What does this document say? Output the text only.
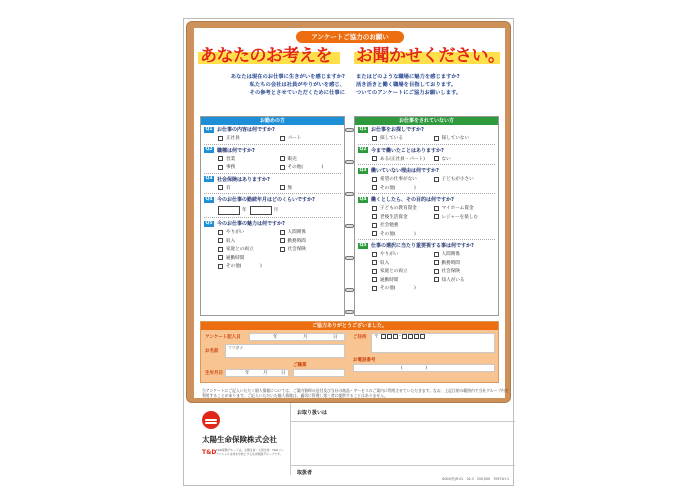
アンケートご協力のお願い
あなたのお考えを お聞かせください。
あなたは現在のお仕事に生きがいを感じますか?
私たちの会社は社員がやりがいを感じ、
その参考とさせていただくために仕事に
またはどのような職場に魅力を感じますか?
活き活きと働く職場を目指しております。
ついてのアンケートにご協力お願いします。
お勤めの方
Q1 お仕事の内容は何ですか?
正社員	パート
Q2 職種は何ですか?
営業	販売
事務	その他(　　　　)
Q3 社会保険はありますか?
有	無
Q4 今のお仕事の勤続年月はどのくらいですか?
年	月
Q5 今のお仕事の魅力は何ですか?
やりがい	人間関係
収入	勤務時間
家庭との両立	社会保険
通勤時間
その他(　　　　)
お仕事をされていない方
Q1 お仕事をお探しですか?
探している	探していない
Q2 今まで働いたことはありますか?
ある(正社員・パート)	ない
Q3 働いていない理由は何ですか?
希望の仕事がない	子どもが小さい
その他(　　　　)
Q4 働くとしたら、その目的は何ですか?
子どもの教育資金	マイホーム資金
老後生活資金	レジャーを楽しむ
社会勉強
その他(　　　　)
Q5 仕事の選択に当たり重要視する事は何ですか?
やりがい	人間関係
収入	勤務時間
家庭との両立	社会保険
通勤時間	知人がいる
その他(　　　　)
ご協力ありがとうございました。
アンケート記入日	年	月	日	ご住所 〒	-
お名前
フリガナ
お電話番号
(　　　　　)
生年月日	年	月	日
ご職業
当アンケートにご記入いただく個人情報については、ご案内資料の送付及び当社の商品・サービスのご案内に利用させていただきます。なお、上記目的の範囲内で当社グループ内で利用することがあります。ご記入いただいた個人情報は、適切に管理し第三者に提供することはありません。
太陽生命保険株式会社
T&D T&D保険グループは、太陽生命・大同生命・T&Dフィナンシャル生命を中核とする生命保険グループです。
お取り扱いは
取扱者
G000(代)R-01　02.3　200,000　70971H-1
